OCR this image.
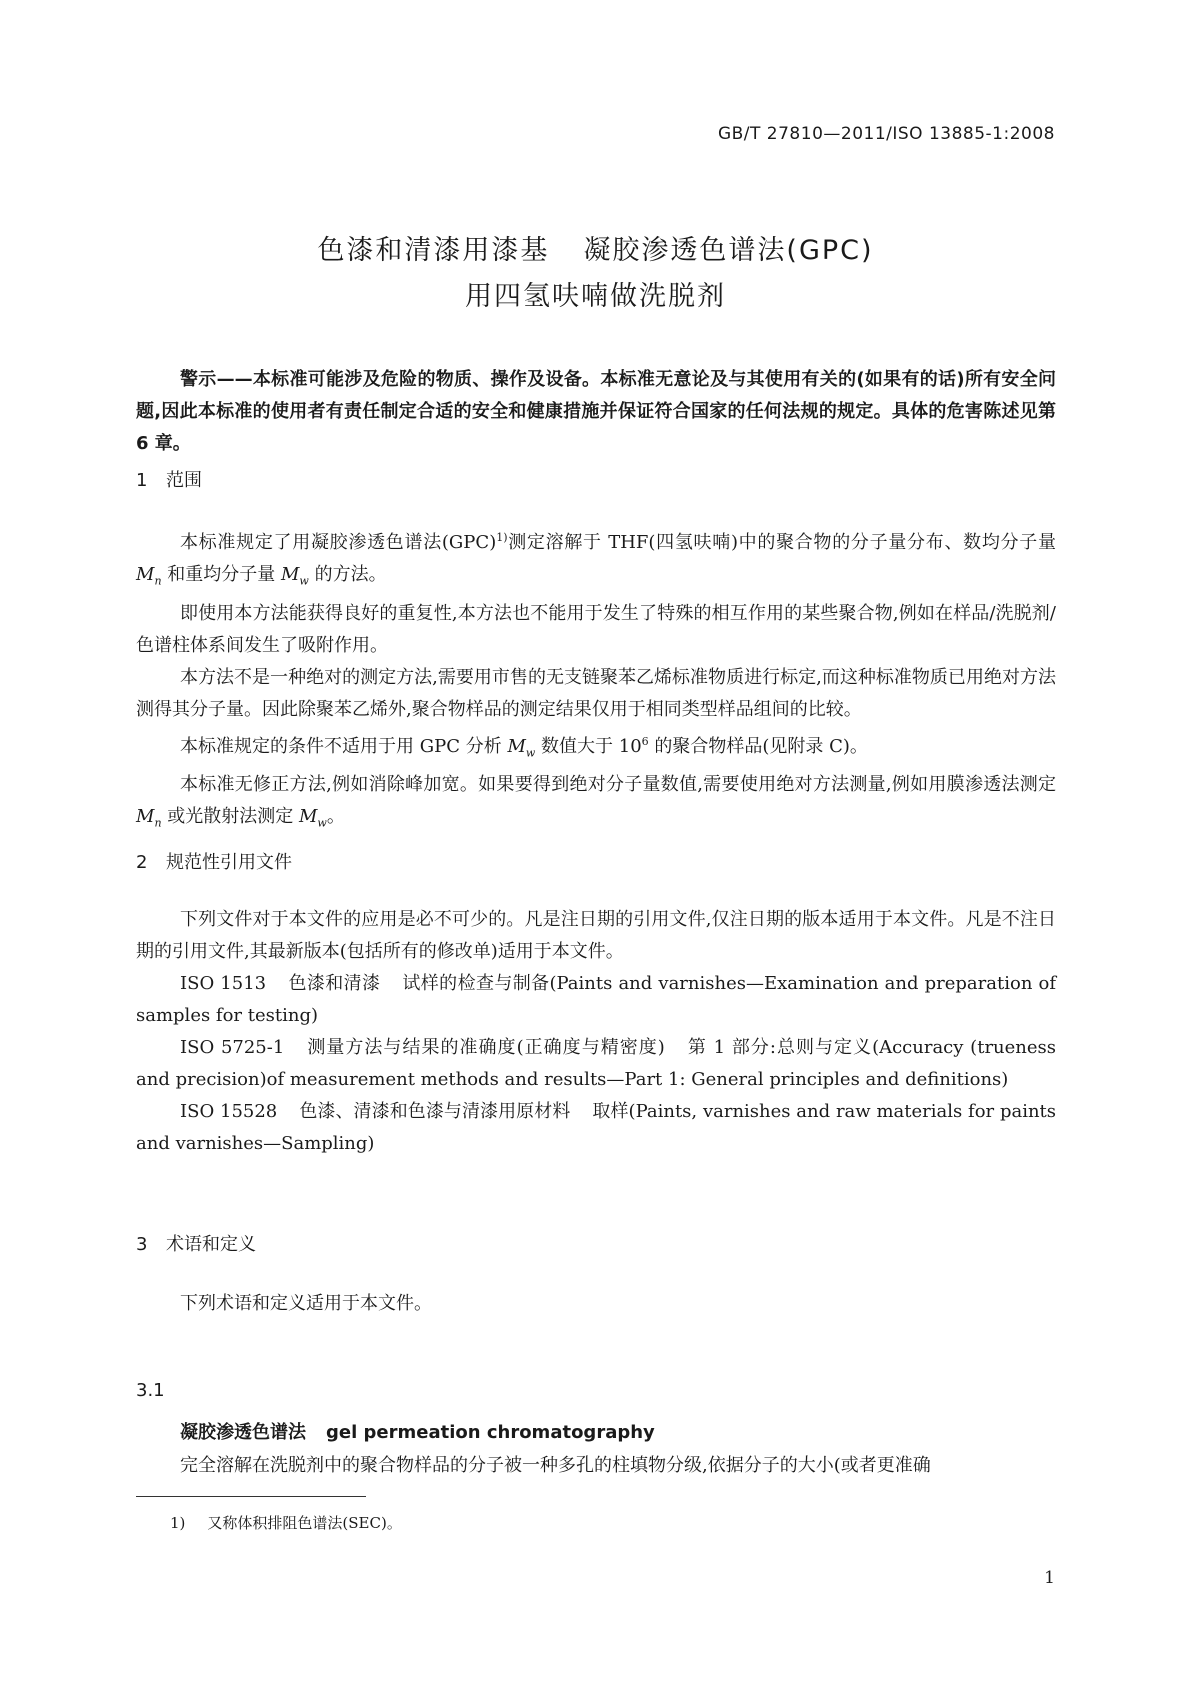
GB/T 27810—2011/ISO 13885-1:2008
色漆和清漆用漆基 凝胶渗透色谱法(GPC)
用四氢呋喃做洗脱剂
警示——本标准可能涉及危险的物质、操作及设备。本标准无意论及与其使用有关的(如果有的话)所有安全问题,因此本标准的使用者有责任制定合适的安全和健康措施并保证符合国家的任何法规的规定。具体的危害陈述见第 6 章。
1 范围

本标准规定了用凝胶渗透色谱法(GPC)$^{1)}$测定溶解于 THF(四氢呋喃)中的聚合物的分子量分布、数均分子量 $M_n$ 和重均分子量 $M_w$ 的方法。

即使用本方法能获得良好的重复性,本方法也不能用于发生了特殊的相互作用的某些聚合物,例如在样品/洗脱剂/色谱柱体系间发生了吸附作用。

本方法不是一种绝对的测定方法,需要用市售的无支链聚苯乙烯标准物质进行标定,而这种标准物质已用绝对方法测得其分子量。因此除聚苯乙烯外,聚合物样品的测定结果仅用于相同类型样品组间的比较。

本标准规定的条件不适用于用 GPC 分析 $M_w$ 数值大于 $10^6$ 的聚合物样品(见附录 C)。

本标准无修正方法,例如消除峰加宽。如果要得到绝对分子量数值,需要使用绝对方法测量,例如用膜渗透法测定 $M_n$ 或光散射法测定 $M_w$。

2 规范性引用文件

下列文件对于本文件的应用是必不可少的。凡是注日期的引用文件,仅注日期的版本适用于本文件。凡是不注日期的引用文件,其最新版本(包括所有的修改单)适用于本文件。

ISO 1513 色漆和清漆 试样的检查与制备(Paints and varnishes—Examination and preparation of samples for testing)

ISO 5725-1 测量方法与结果的准确度(正确度与精密度) 第 1 部分:总则与定义(Accuracy (trueness and precision)of measurement methods and results—Part 1: General principles and definitions)

ISO 15528 色漆、清漆和色漆与清漆用原材料 取样(Paints, varnishes and raw materials for paints and varnishes—Sampling)

3 术语和定义

下列术语和定义适用于本文件。

3.1
凝胶渗透色谱法 gel permeation chromatography
完全溶解在洗脱剂中的聚合物样品的分子被一种多孔的柱填物分级,依据分子的大小(或者更准确
1) 又称体积排阻色谱法(SEC)。
1
